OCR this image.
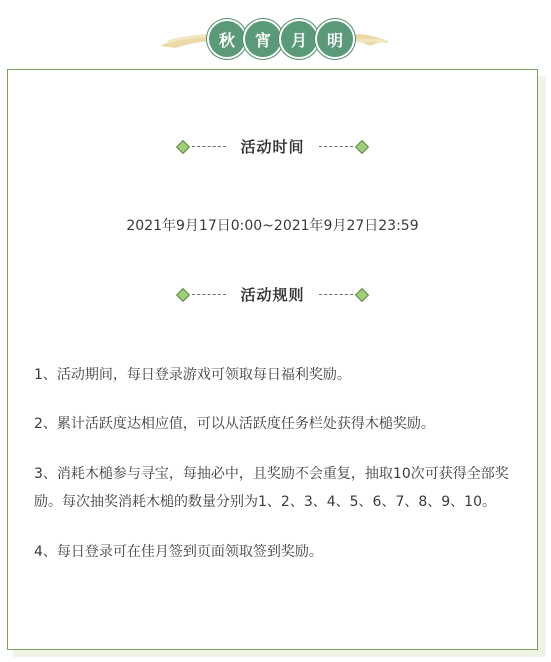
秋	宵	月	明
活动时间
2021年9月17日0:00~2021年9月27日23:59
活动规则

1、活动期间，每日登录游戏可领取每日福利奖励。

2、累计活跃度达相应值，可以从活跃度任务栏处获得木槌奖励。

3、消耗木槌参与寻宝，每抽必中，且奖励不会重复，抽取10次可获得全部奖励。每次抽奖消耗木槌的数量分别为1、2、3、4、5、6、7、8、9、10。

4、每日登录可在佳月签到页面领取签到奖励。
